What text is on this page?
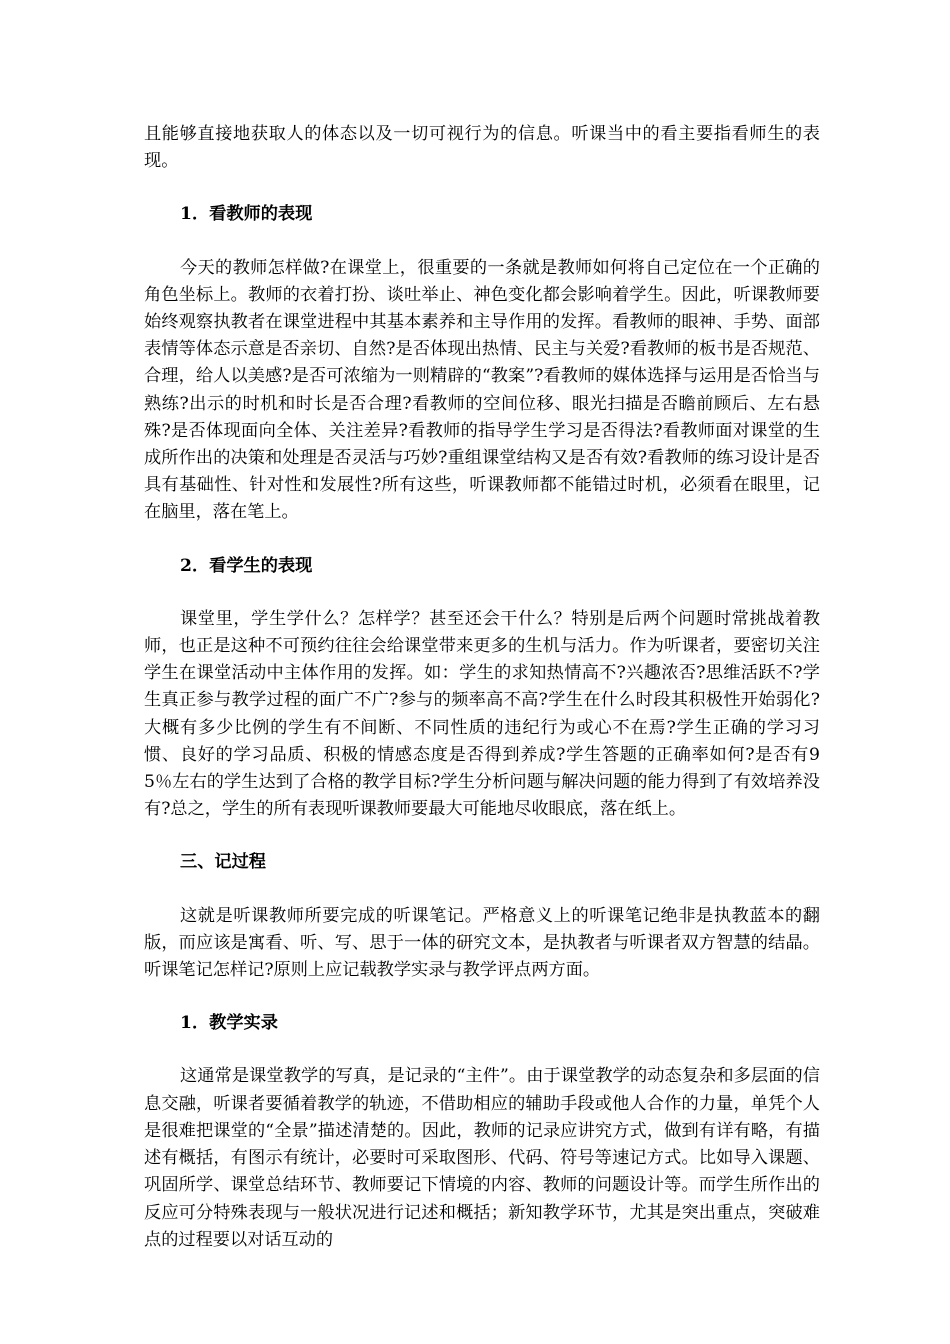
且能够直接地获取人的体态以及一切可视行为的信息。听课当中的看主要指看师生的表现。

1．看教师的表现

今天的教师怎样做?在课堂上，很重要的一条就是教师如何将自己定位在一个正确的角色坐标上。教师的衣着打扮、谈吐举止、神色变化都会影响着学生。因此，听课教师要始终观察执教者在课堂进程中其基本素养和主导作用的发挥。看教师的眼神、手势、面部表情等体态示意是否亲切、自然?是否体现出热情、民主与关爱?看教师的板书是否规范、合理，给人以美感?是否可浓缩为一则精辟的“教案”?看教师的媒体选择与运用是否恰当与熟练?出示的时机和时长是否合理?看教师的空间位移、眼光扫描是否瞻前顾后、左右悬殊?是否体现面向全体、关注差异?看教师的指导学生学习是否得法?看教师面对课堂的生成所作出的决策和处理是否灵活与巧妙?重组课堂结构又是否有效?看教师的练习设计是否具有基础性、针对性和发展性?所有这些，听课教师都不能错过时机，必须看在眼里，记在脑里，落在笔上。

2．看学生的表现

课堂里，学生学什么？怎样学？甚至还会干什么？特别是后两个问题时常挑战着教师，也正是这种不可预约往往会给课堂带来更多的生机与活力。作为听课者，要密切关注学生在课堂活动中主体作用的发挥。如：学生的求知热情高不?兴趣浓否?思维活跃不?学生真正参与教学过程的面广不广?参与的频率高不高?学生在什么时段其积极性开始弱化?大概有多少比例的学生有不间断、不同性质的违纪行为或心不在焉?学生正确的学习习惯、良好的学习品质、积极的情感态度是否得到养成?学生答题的正确率如何?是否有95％左右的学生达到了合格的教学目标?学生分析问题与解决问题的能力得到了有效培养没有?总之，学生的所有表现听课教师要最大可能地尽收眼底，落在纸上。

三、记过程

这就是听课教师所要完成的听课笔记。严格意义上的听课笔记绝非是执教蓝本的翻版，而应该是寓看、听、写、思于一体的研究文本，是执教者与听课者双方智慧的结晶。听课笔记怎样记?原则上应记载教学实录与教学评点两方面。

1．教学实录

这通常是课堂教学的写真，是记录的“主件”。由于课堂教学的动态复杂和多层面的信息交融，听课者要循着教学的轨迹，不借助相应的辅助手段或他人合作的力量，单凭个人是很难把课堂的“全景”描述清楚的。因此，教师的记录应讲究方式，做到有详有略，有描述有概括，有图示有统计，必要时可采取图形、代码、符号等速记方式。比如导入课题、巩固所学、课堂总结环节、教师要记下情境的内容、教师的问题设计等。而学生所作出的反应可分特殊表现与一般状况进行记述和概括；新知教学环节，尤其是突出重点，突破难点的过程要以对话互动的
